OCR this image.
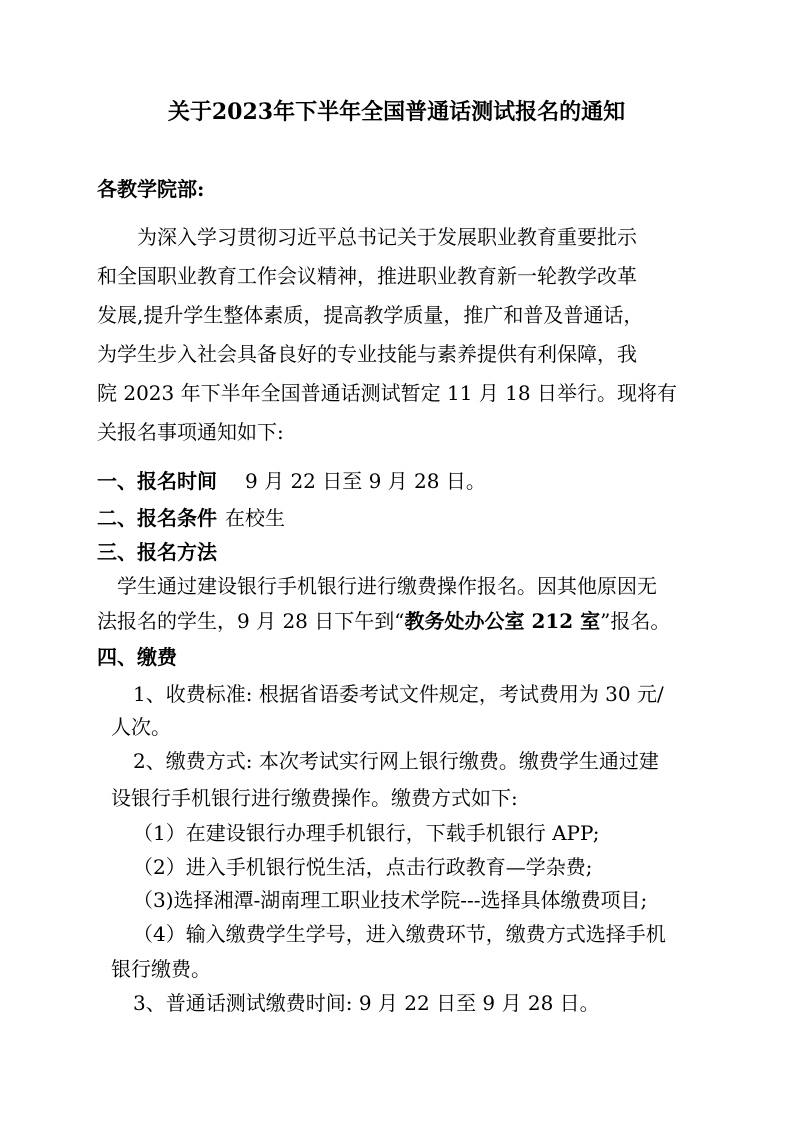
关于2023年下半年全国普通话测试报名的通知
各教学院部:
为深入学习贯彻习近平总书记关于发展职业教育重要批示
和全国职业教育工作会议精神，推进职业教育新一轮教学改革
发展,提升学生整体素质，提高教学质量，推广和普及普通话，
为学生步入社会具备良好的专业技能与素养提供有利保障，我
院 2023 年下半年全国普通话测试暂定 11 月 18 日举行。现将有
关报名事项通知如下:
一、报名时间 9 月 22 日至 9 月 28 日。
二、报名条件 在校生
三、报名方法
学生通过建设银行手机银行进行缴费操作报名。因其他原因无
法报名的学生，9 月 28 日下午到“教务处办公室 212 室”报名。
四、缴费
1、收费标准: 根据省语委考试文件规定，考试费用为 30 元/
人次。
2、缴费方式: 本次考试实行网上银行缴费。缴费学生通过建
设银行手机银行进行缴费操作。缴费方式如下:
（1）在建设银行办理手机银行，下载手机银行 APP;
（2）进入手机银行悦生活，点击行政教育—学杂费;
（3)选择湘潭-湖南理工职业技术学院---选择具体缴费项目;
（4）输入缴费学生学号，进入缴费环节，缴费方式选择手机
银行缴费。
3、普通话测试缴费时间: 9 月 22 日至 9 月 28 日。
